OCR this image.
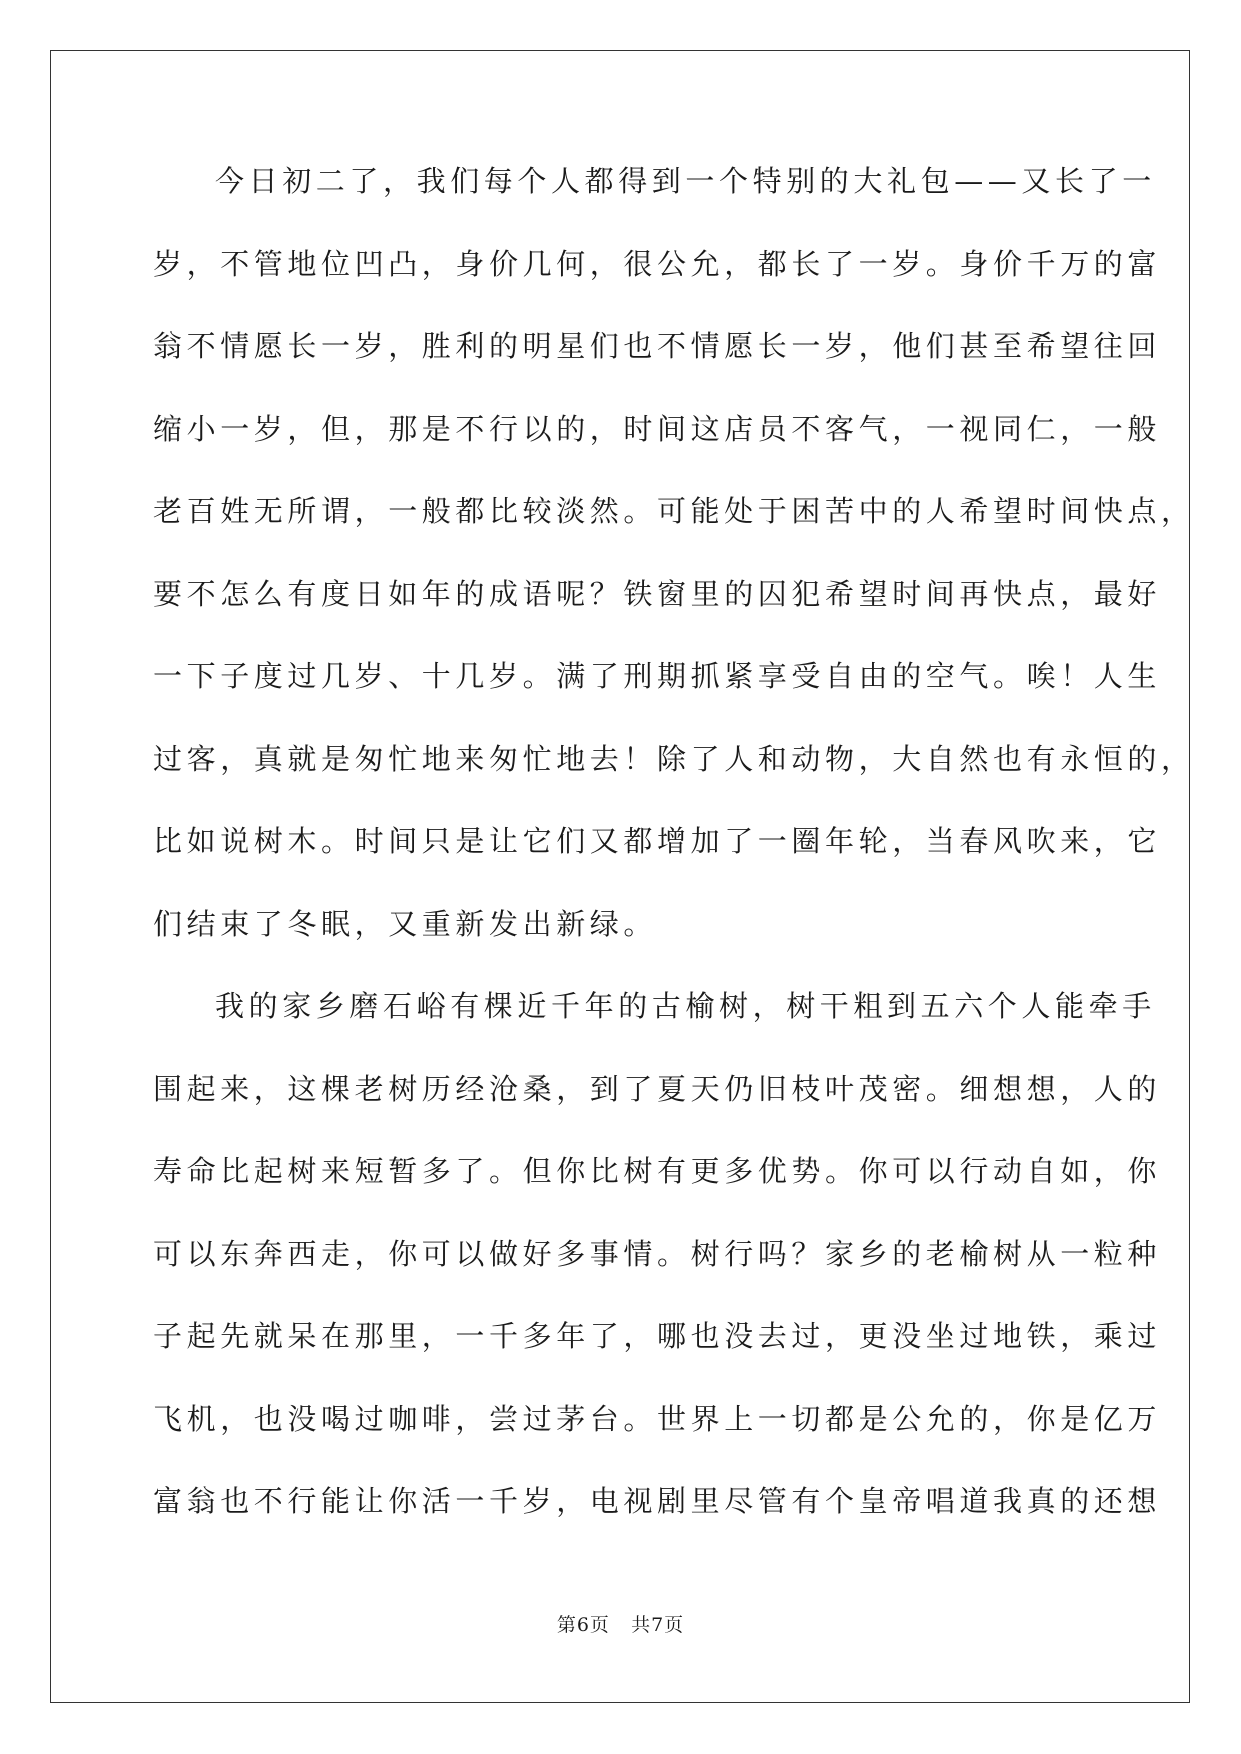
今日初二了，我们每个人都得到一个特别的大礼包——又长了一
岁，不管地位凹凸，身价几何，很公允，都长了一岁。身价千万的富
翁不情愿长一岁，胜利的明星们也不情愿长一岁，他们甚至希望往回
缩小一岁，但，那是不行以的，时间这店员不客气，一视同仁，一般
老百姓无所谓，一般都比较淡然。可能处于困苦中的人希望时间快点，
要不怎么有度日如年的成语呢？铁窗里的囚犯希望时间再快点，最好
一下子度过几岁、十几岁。满了刑期抓紧享受自由的空气。唉！人生
过客，真就是匆忙地来匆忙地去！除了人和动物，大自然也有永恒的，
比如说树木。时间只是让它们又都增加了一圈年轮，当春风吹来，它
们结束了冬眠，又重新发出新绿。
我的家乡磨石峪有棵近千年的古榆树，树干粗到五六个人能牵手
围起来，这棵老树历经沧桑，到了夏天仍旧枝叶茂密。细想想，人的
寿命比起树来短暂多了。但你比树有更多优势。你可以行动自如，你
可以东奔西走，你可以做好多事情。树行吗？家乡的老榆树从一粒种
子起先就呆在那里，一千多年了，哪也没去过，更没坐过地铁，乘过
飞机，也没喝过咖啡，尝过茅台。世界上一切都是公允的，你是亿万
富翁也不行能让你活一千岁，电视剧里尽管有个皇帝唱道我真的还想
第6页 共7页
